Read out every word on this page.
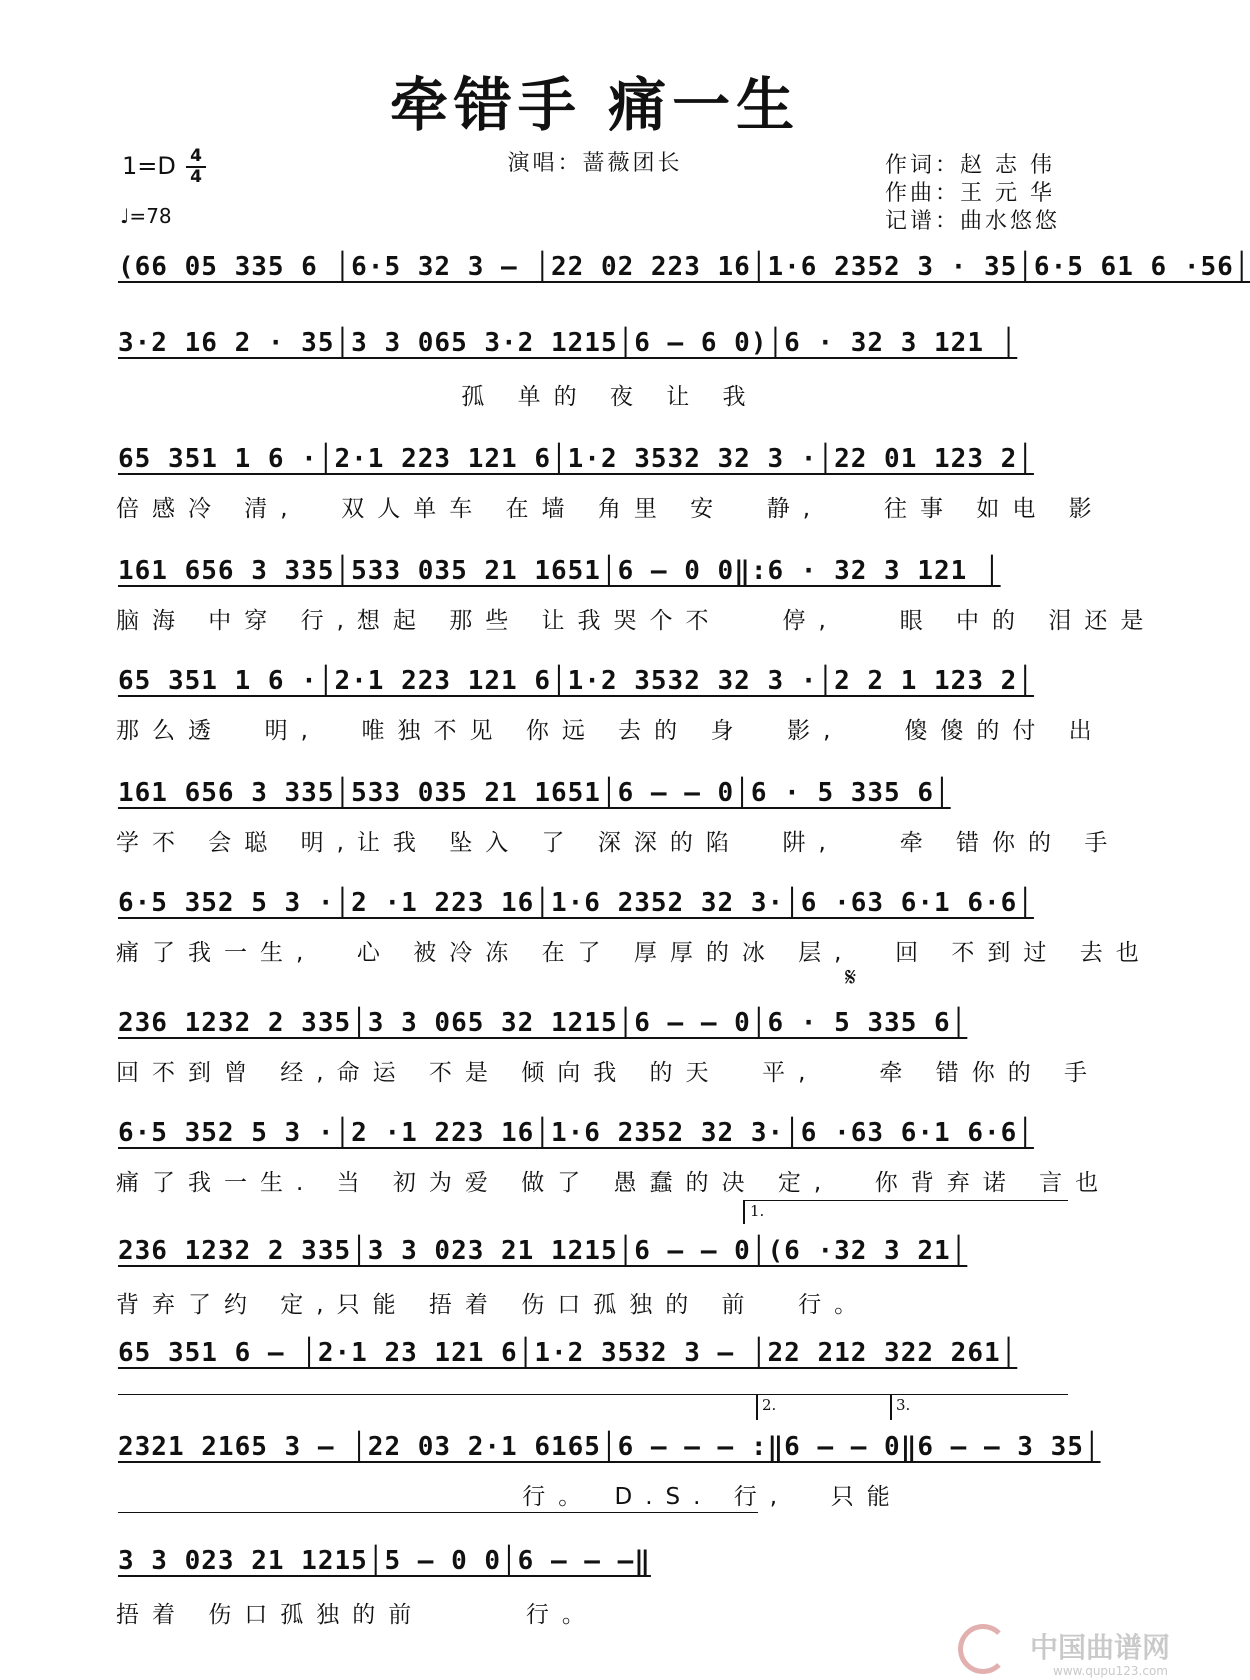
牵错手 痛一生
演唱：蔷薇团长
1=D 4
4
♩=78
作词：赵 志 伟
作曲：王 元 华
记谱：曲水悠悠
(66 05 335 6 │6·5 32 3 – │22 02 223 16│1·6 2352 3 · 35│6·5 61 6 ·56│
3·2 16 2 · 35│3 3 065 3·2 1215│6 – 6 0)│6 · 32 3 121 │
孤 单的 夜 让 我
65 351 1 6 ·│2·1 223 121 6│1·2 3532 32 3 ·│22 01 123 2│
倍感冷 清,  双人单车 在墙 角里 安  静,   往事 如电 影
161 656 3 335│533 035 21 1651│6 – 0 0‖:6 · 32 3 121 │
脑海 中穿 行,想起 那些 让我哭个不   停,   眼 中的 泪还是
65 351 1 6 ·│2·1 223 121 6│1·2 3532 32 3 ·│2 2 1 123 2│
那么透  明,  唯独不见 你远 去的 身  影,   傻傻的付 出
161 656 3 335│533 035 21 1651│6 – – 0│6 · 5 335 6│
学不 会聪 明,让我 坠入 了 深深的陷  阱,   牵 错你的 手
6·5 352 5 3 ·│2 ·1 223 16│1·6 2352 32 3·│6 ·63 6·1 6·6│
痛了我一生,  心 被冷冻 在了 厚厚的冰 层,  回 不到过 去也
𝄋
236 1232 2 335│3 3 065 32 1215│6 – – 0│6 · 5 335 6│
回不到曾 经,命运 不是 倾向我 的天  平,   牵 错你的 手
6·5 352 5 3 ·│2 ·1 223 16│1·6 2352 32 3·│6 ·63 6·1 6·6│
痛了我一生. 当 初为爱 做了 愚蠢的决 定,  你背弃诺 言也
1.
236 1232 2 335│3 3 023 21 1215│6 – – 0│(6 ·32 3 21│
背弃了约 定,只能 捂着 伤口孤独的 前  行。
65 351 6 – │2·1 23 121 6│1·2 3532 3 – │22 212 322 261│
2.	3.
2321 2165 3 – │22 03 2·1 6165│6 – – – :‖6 – – 0‖6 – – 3 35│
行。 D.S. 行,  只能
3 3 023 21 1215│5 – 0 0│6 – – –‖
捂着 伤口孤独的前     行。
中国曲谱网
www.qupu123.com
